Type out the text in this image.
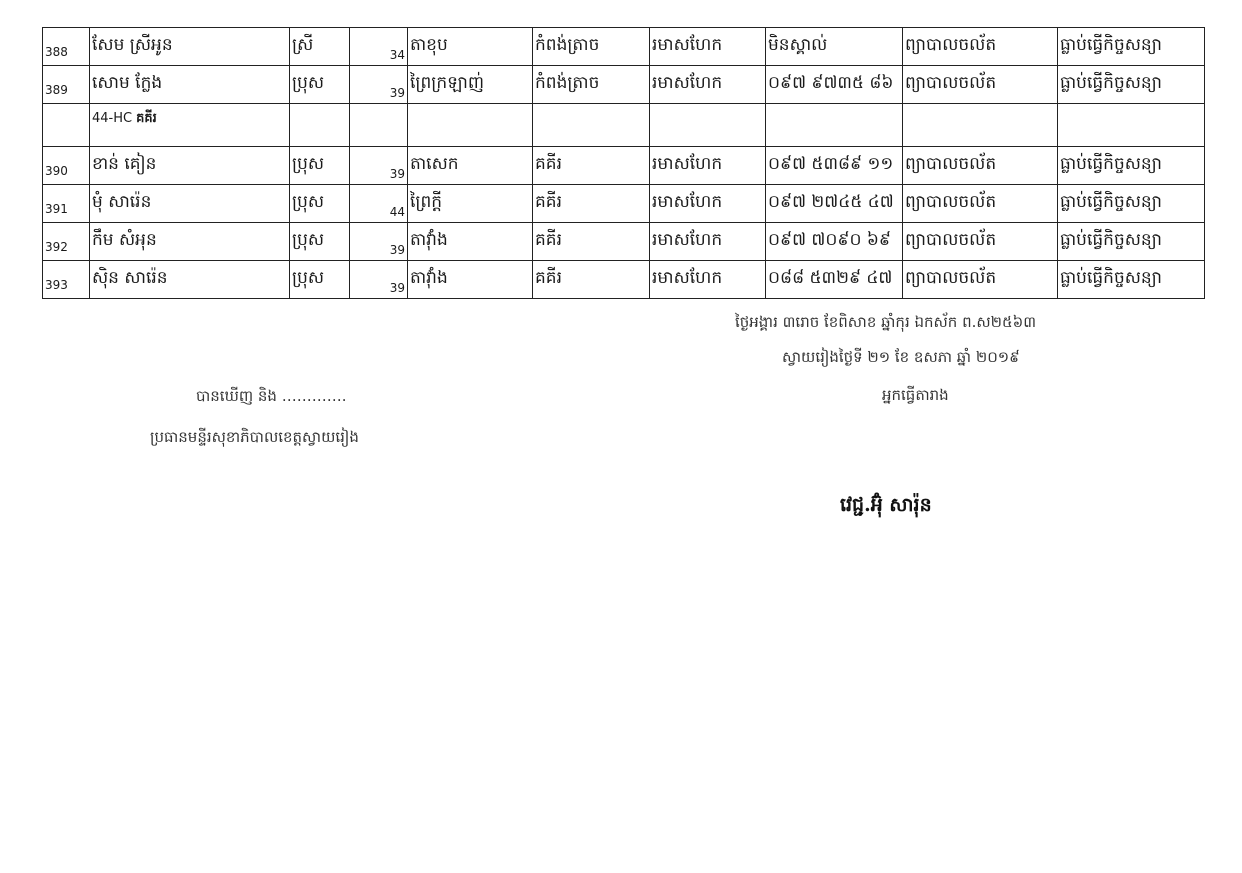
$_{388}$	សែម ស្រីអូន	ស្រី	34	តាខុប	កំពង់ត្រាច	រមាសហែក	មិនស្គាល់	ព្យាបាលចល័ត	ធ្លាប់ធ្វើកិច្ចសន្យា
$_{389}$	សោម ក្លែង	ប្រុស	39	ព្រៃក្រឡាញ់	កំពង់ត្រាច	រមាសហែក	០៩៧ ៩៧៣៥ ៨៦	ព្យាបាលចល័ត	ធ្លាប់ធ្វើកិច្ចសន្យា
	44-HC គគីរ								
$_{390}$	ខាន់ គៀន	ប្រុស	39	តាសេក	គគីរ	រមាសហែក	០៩៧ ៥៣៨៩ ១១	ព្យាបាលចល័ត	ធ្លាប់ធ្វើកិច្ចសន្យា
$_{391}$	មុំ សារ៉េន	ប្រុស	44	ព្រៃក្តី	គគីរ	រមាសហែក	០៩៧ ២៧៤៥ ៤៧	ព្យាបាលចល័ត	ធ្លាប់ធ្វើកិច្ចសន្យា
$_{392}$	កឹម សំអុន	ប្រុស	39	តាវ៉ាំង	គគីរ	រមាសហែក	០៩៧ ៧០៩០ ៦៩	ព្យាបាលចល័ត	ធ្លាប់ធ្វើកិច្ចសន្យា
$_{393}$	ស៊ិន សារ៉េន	ប្រុស	39	តាវ៉ាំង	គគីរ	រមាសហែក	០៨៨ ៥៣២៩ ៤៧	ព្យាបាលចល័ត	ធ្លាប់ធ្វើកិច្ចសន្យា
ថ្ងៃអង្គារ ៣រោច ខែពិសាខ ឆ្នាំកុរ ឯកស័ក ព.ស២៥៦៣
ស្វាយរៀងថ្ងៃទី ២១ ខែ ឧសភា ឆ្នាំ ២០១៩
អ្នកធ្វើតារាង
បានឃើញ និង ………….
ប្រធានមន្ទីរសុខាភិបាលខេត្តស្វាយរៀង
វេជ្ជ.អ៊ុំ សារ៉ុន
